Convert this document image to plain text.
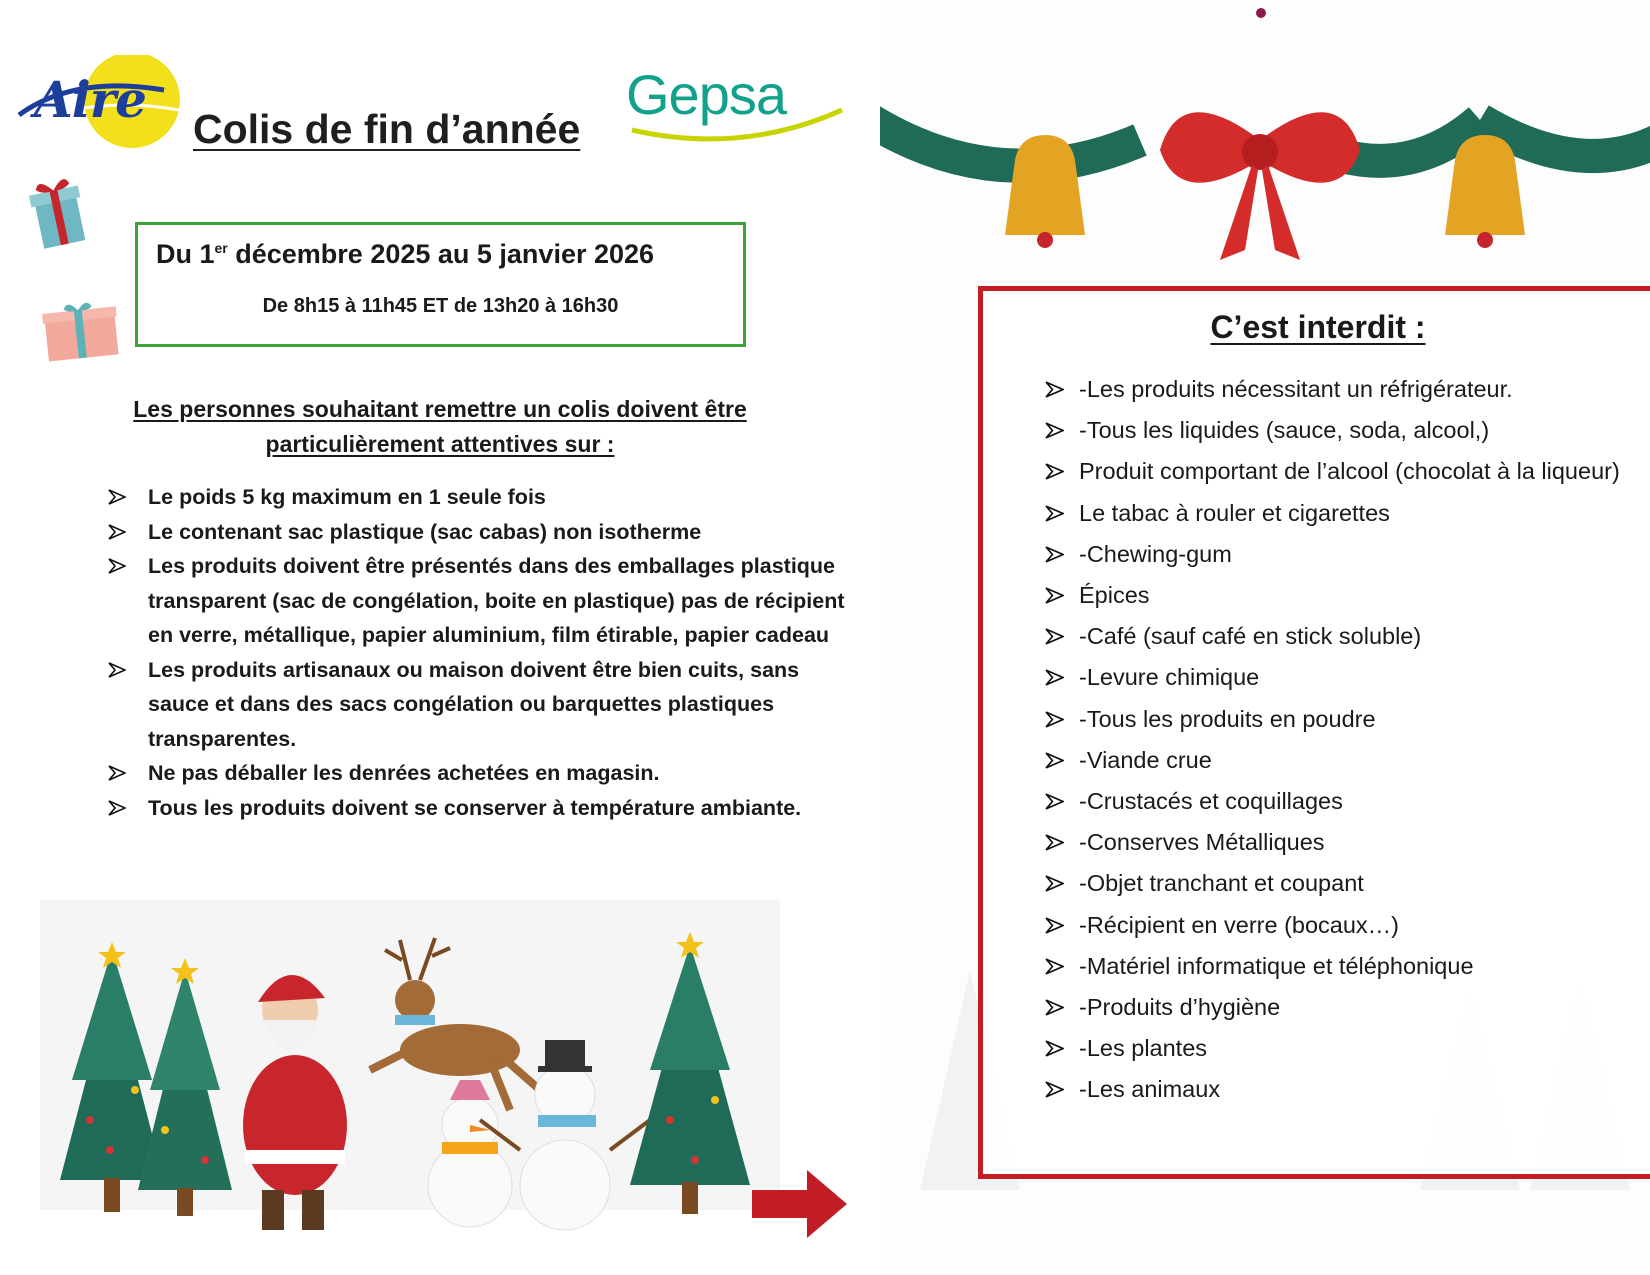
Aire	Gepsa
Colis de fin d’année
Du 1er décembre 2025 au 5 janvier 2026
De 8h15 à 11h45 ET de 13h20 à 16h30
Les personnes souhaitant remettre un colis doivent être particulièrement attentives sur :
Le poids 5 kg maximum en 1 seule fois
Le contenant sac plastique (sac cabas) non isotherme
Les produits doivent être présentés dans des emballages plastique transparent (sac de congélation, boite en plastique) pas de récipient en verre, métallique, papier aluminium, film étirable, papier cadeau
Les produits artisanaux ou maison doivent être bien cuits, sans sauce et dans des sacs congélation ou barquettes plastiques transparentes.
Ne pas déballer les denrées achetées en magasin.
Tous les produits doivent se conserver à température ambiante.
C’est interdit :
-Les produits nécessitant un réfrigérateur.
-Tous les liquides (sauce, soda, alcool,)
Produit comportant de l’alcool (chocolat à la liqueur)
Le tabac à rouler et cigarettes
-Chewing-gum
Épices
-Café (sauf café en stick soluble)
-Levure chimique
-Tous les produits en poudre
-Viande crue
-Crustacés et coquillages
-Conserves Métalliques
-Objet tranchant et coupant
-Récipient en verre (bocaux…)
-Matériel informatique et téléphonique
-Produits d’hygiène
-Les plantes
-Les animaux
